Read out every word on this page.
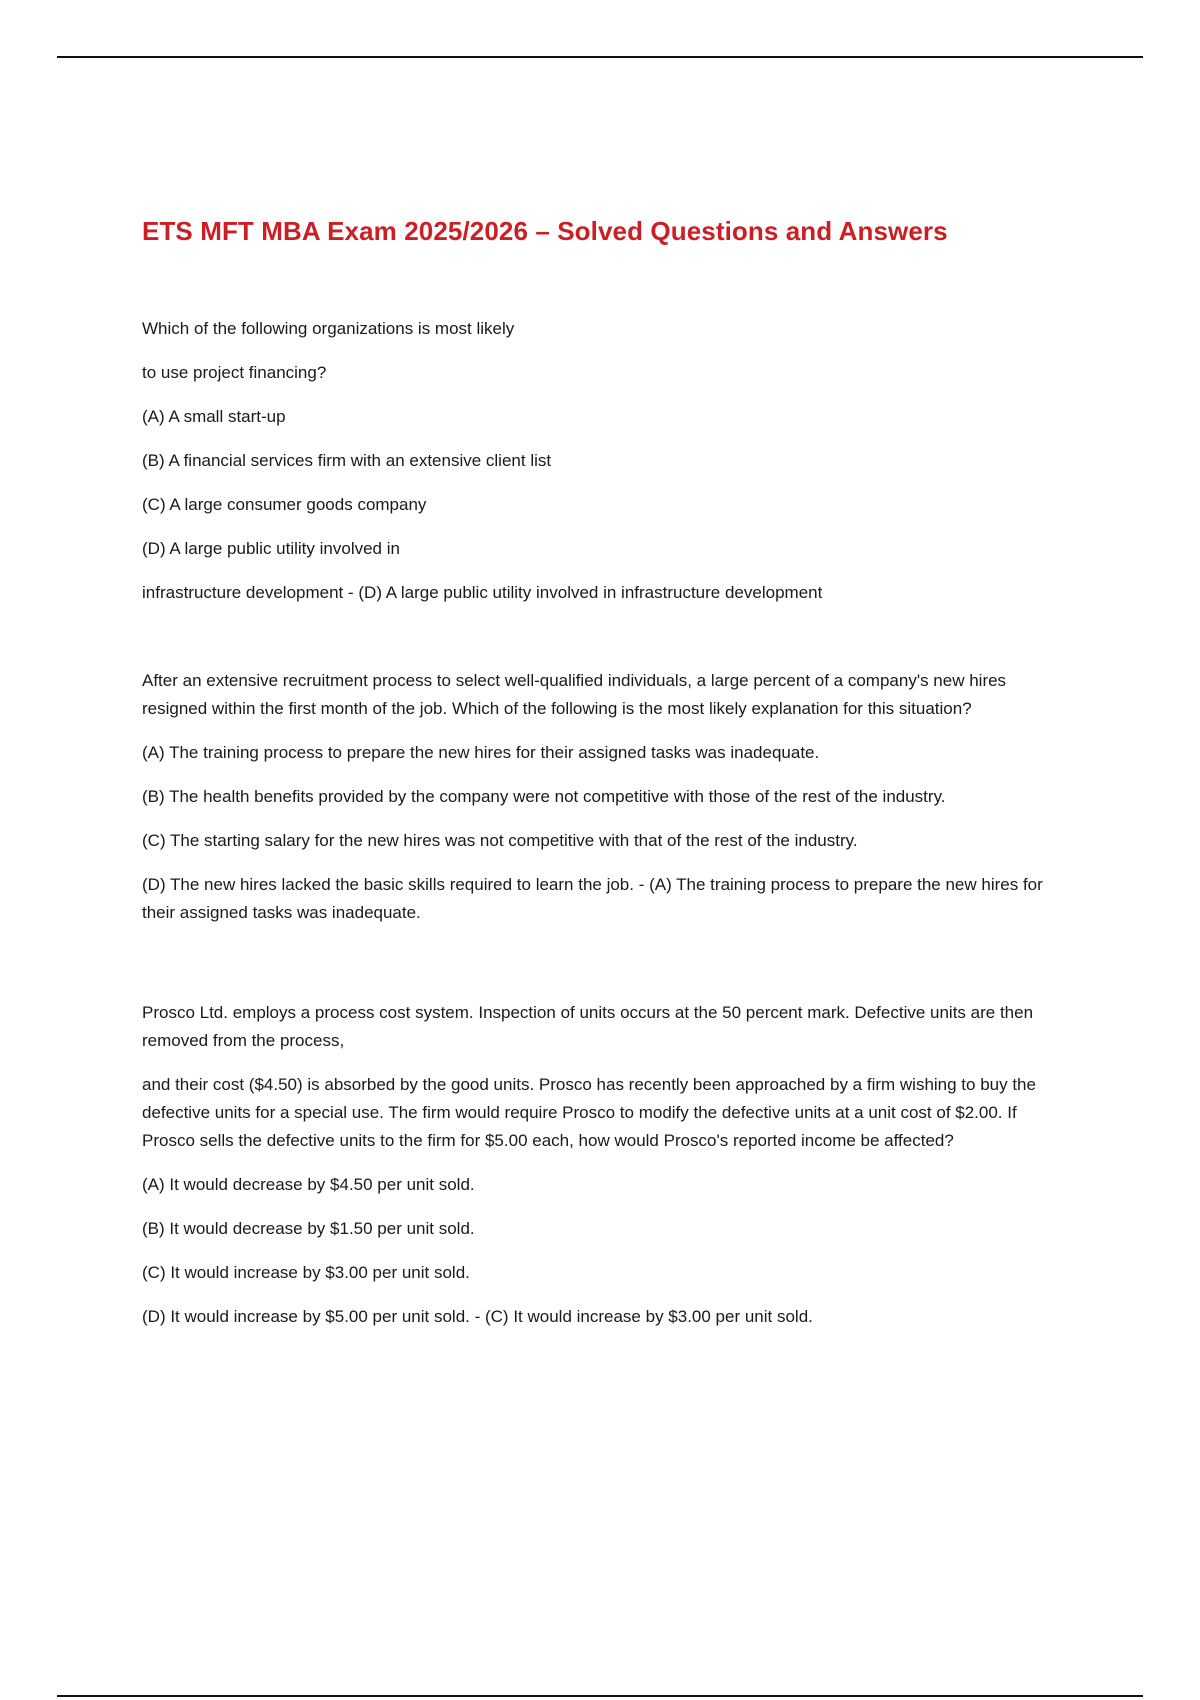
ETS MFT MBA Exam 2025/2026 – Solved Questions and Answers

Which of the following organizations is most likely

to use project financing?

(A) A small start-up

(B) A financial services firm with an extensive client list

(C) A large consumer goods company

(D) A large public utility involved in

infrastructure development - (D) A large public utility involved in infrastructure development

After an extensive recruitment process to select well-qualified individuals, a large percent of a company's new hires resigned within the first month of the job. Which of the following is the most likely explanation for this situation?

(A) The training process to prepare the new hires for their assigned tasks was inadequate.

(B) The health benefits provided by the company were not competitive with those of the rest of the industry.

(C) The starting salary for the new hires was not competitive with that of the rest of the industry.

(D) The new hires lacked the basic skills required to learn the job. - (A) The training process to prepare the new hires for their assigned tasks was inadequate.

Prosco Ltd. employs a process cost system. Inspection of units occurs at the 50 percent mark. Defective units are then removed from the process,

and their cost ($4.50) is absorbed by the good units. Prosco has recently been approached by a firm wishing to buy the defective units for a special use. The firm would require Prosco to modify the defective units at a unit cost of $2.00. If Prosco sells the defective units to the firm for $5.00 each, how would Prosco's reported income be affected?

(A) It would decrease by $4.50 per unit sold.

(B) It would decrease by $1.50 per unit sold.

(C) It would increase by $3.00 per unit sold.

(D) It would increase by $5.00 per unit sold. - (C) It would increase by $3.00 per unit sold.
